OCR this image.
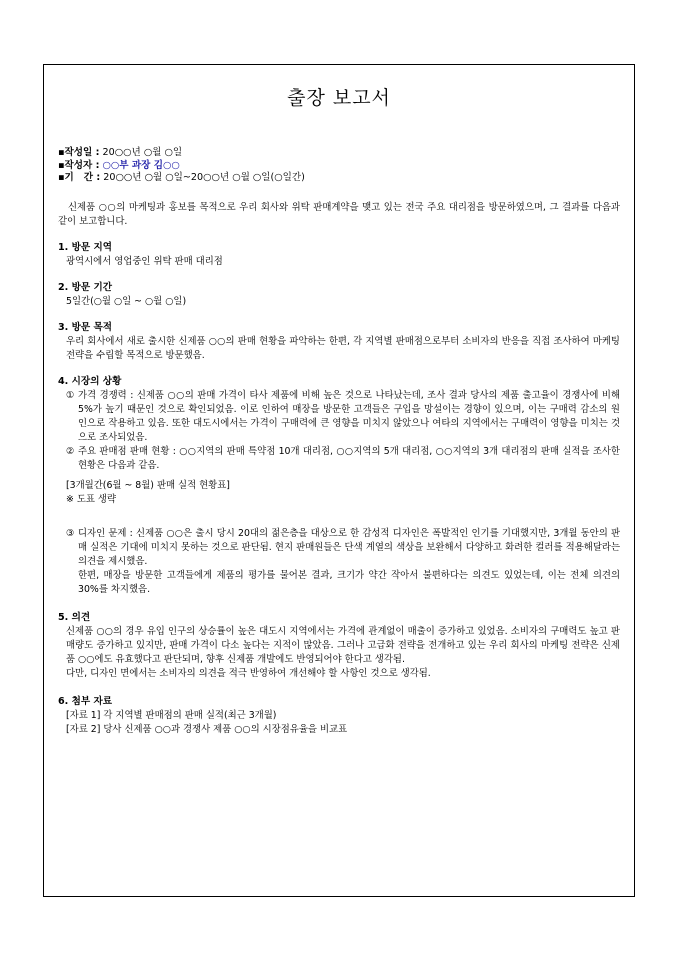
출장 보고서
▪작성일 : 20○○년 ○월 ○일
▪작성자 : ○○부 과장 김○○
▪기   간 : 20○○년 ○월 ○일~20○○년 ○월 ○일(○일간)
신제품 ○○의 마케팅과 홍보를 목적으로 우리 회사와 위탁 판매계약을 맺고 있는 전국 주요 대리점을 방문하였으며, 그 결과를 다음과 같이 보고합니다.
1. 방문 지역
광역시에서 영업중인 위탁 판매 대리점
2. 방문 기간
5일간(○월 ○일 ~ ○월 ○일)
3. 방문 목적
우리 회사에서 새로 출시한 신제품 ○○의 판매 현황을 파악하는 한편, 각 지역별 판매점으로부터 소비자의 반응을 직접 조사하여 마케팅 전략을 수립할 목적으로 방문했음.
4. 시장의 상황
① 가격 경쟁력 : 신제품 ○○의 판매 가격이 타사 제품에 비해 높은 것으로 나타났는데, 조사 결과 당사의 제품 출고율이 경쟁사에 비해 5%가 높기 때문인 것으로 확인되었음. 이로 인하여 매장을 방문한 고객들은 구입을 망설이는 경향이 있으며, 이는 구매력 감소의 원인으로 작용하고 있음. 또한 대도시에서는 가격이 구매력에 큰 영향을 미치지 않았으나 여타의 지역에서는 구매력이 영향을 미치는 것으로 조사되었음.
② 주요 판매점 판매 현황 : ○○지역의 판매 특약점 10개 대리점, ○○지역의 5개 대리점, ○○지역의 3개 대리점의 판매 실적을 조사한 현황은 다음과 같음.
[3개월간(6월 ~ 8월) 판매 실적 현황표]
※ 도표 생략
③ 디자인 문제 : 신제품 ○○은 출시 당시 20대의 젊은층을 대상으로 한 감성적 디자인은 폭발적인 인기를 기대했지만, 3개월 동안의 판매 실적은 기대에 미치지 못하는 것으로 판단됨. 현지 판매원들은 단색 계열의 색상을 보완해서 다양하고 화려한 컬러를 적용해달라는 의견을 제시했음.
한편, 매장을 방문한 고객들에게 제품의 평가를 물어본 결과, 크기가 약간 작아서 불편하다는 의견도 있었는데, 이는 전체 의견의 30%를 차지했음.
5. 의견
신제품 ○○의 경우 유입 인구의 상승률이 높은 대도시 지역에서는 가격에 관계없이 매출이 증가하고 있었음. 소비자의 구매력도 높고 판매량도 증가하고 있지만, 판매 가격이 다소 높다는 지적이 많았음. 그러나 고급화 전략을 전개하고 있는 우리 회사의 마케팅 전략은 신제품 ○○에도 유효했다고 판단되며, 향후 신제품 개발에도 반영되어야 한다고 생각됨.
다만, 디자인 면에서는 소비자의 의견을 적극 반영하여 개선해야 할 사항인 것으로 생각됨.
6. 첨부 자료
[자료 1] 각 지역별 판매점의 판매 실적(최근 3개월)
[자료 2] 당사 신제품 ○○과 경쟁사 제품 ○○의 시장점유율을 비교표
